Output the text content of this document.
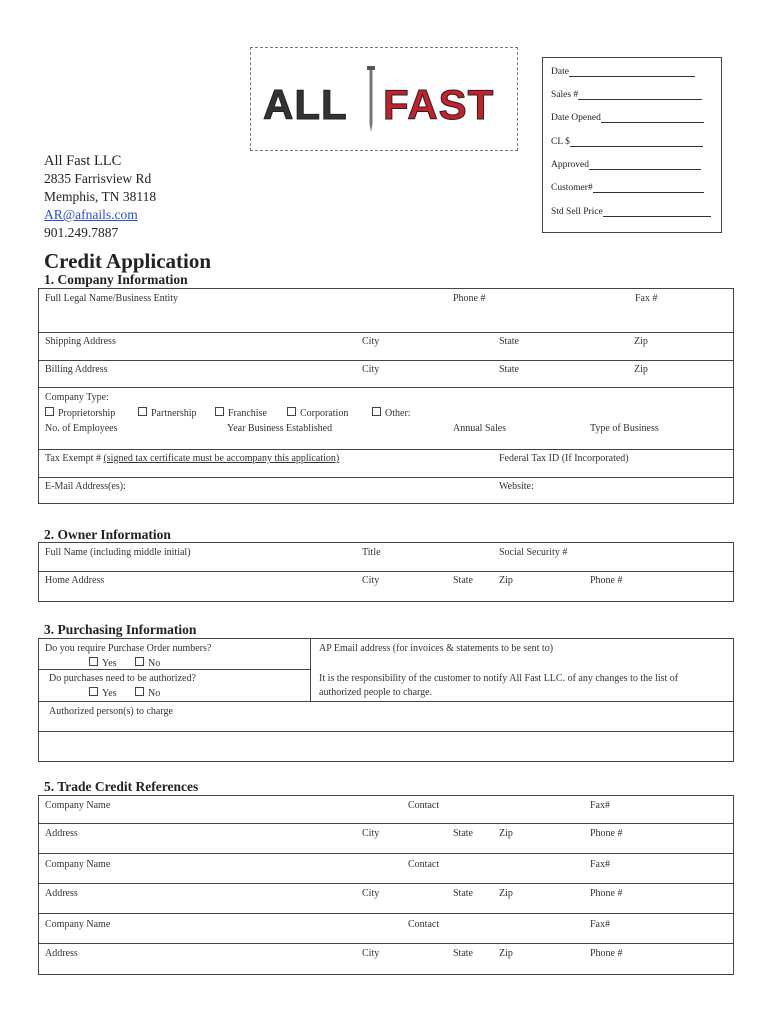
ALL FAST
Date
Sales #
Date Opened
CL $
Approved
Customer#
Std Sell Price
All Fast LLC
2835 Farrisview Rd
Memphis, TN 38118
AR@afnails.com
901.249.7887
Credit Application
1. Company Information
Full Legal Name/Business Entity	Phone #	Fax #
Shipping Address	City	State	Zip
Billing Address	City	State	Zip
Company Type:
Proprietorship	Partnership	Franchise	Corporation	Other:
No. of Employees	Year Business Established	Annual Sales	Type of Business
Tax Exempt # (signed tax certificate must be accompany this application)	Federal Tax ID (If Incorporated)
E-Mail Address(es):	Website:
2. Owner Information
Full Name (including middle initial)	Title	Social Security #
Home Address	City	State	Zip	Phone #
3. Purchasing Information
Do you require Purchase Order numbers?
Yes	No
AP Email address (for invoices & statements to be sent to)
Do purchases need to be authorized?
Yes	No
It is the responsibility of the customer to notify All Fast LLC. of any changes to the list of
authorized people to charge.
Authorized person(s) to charge
5. Trade Credit References
Company Name	Contact	Fax#
Address	City	State	Zip	Phone #
Company Name	Contact	Fax#
Address	City	State	Zip	Phone #
Company Name	Contact	Fax#
Address	City	State	Zip	Phone #
